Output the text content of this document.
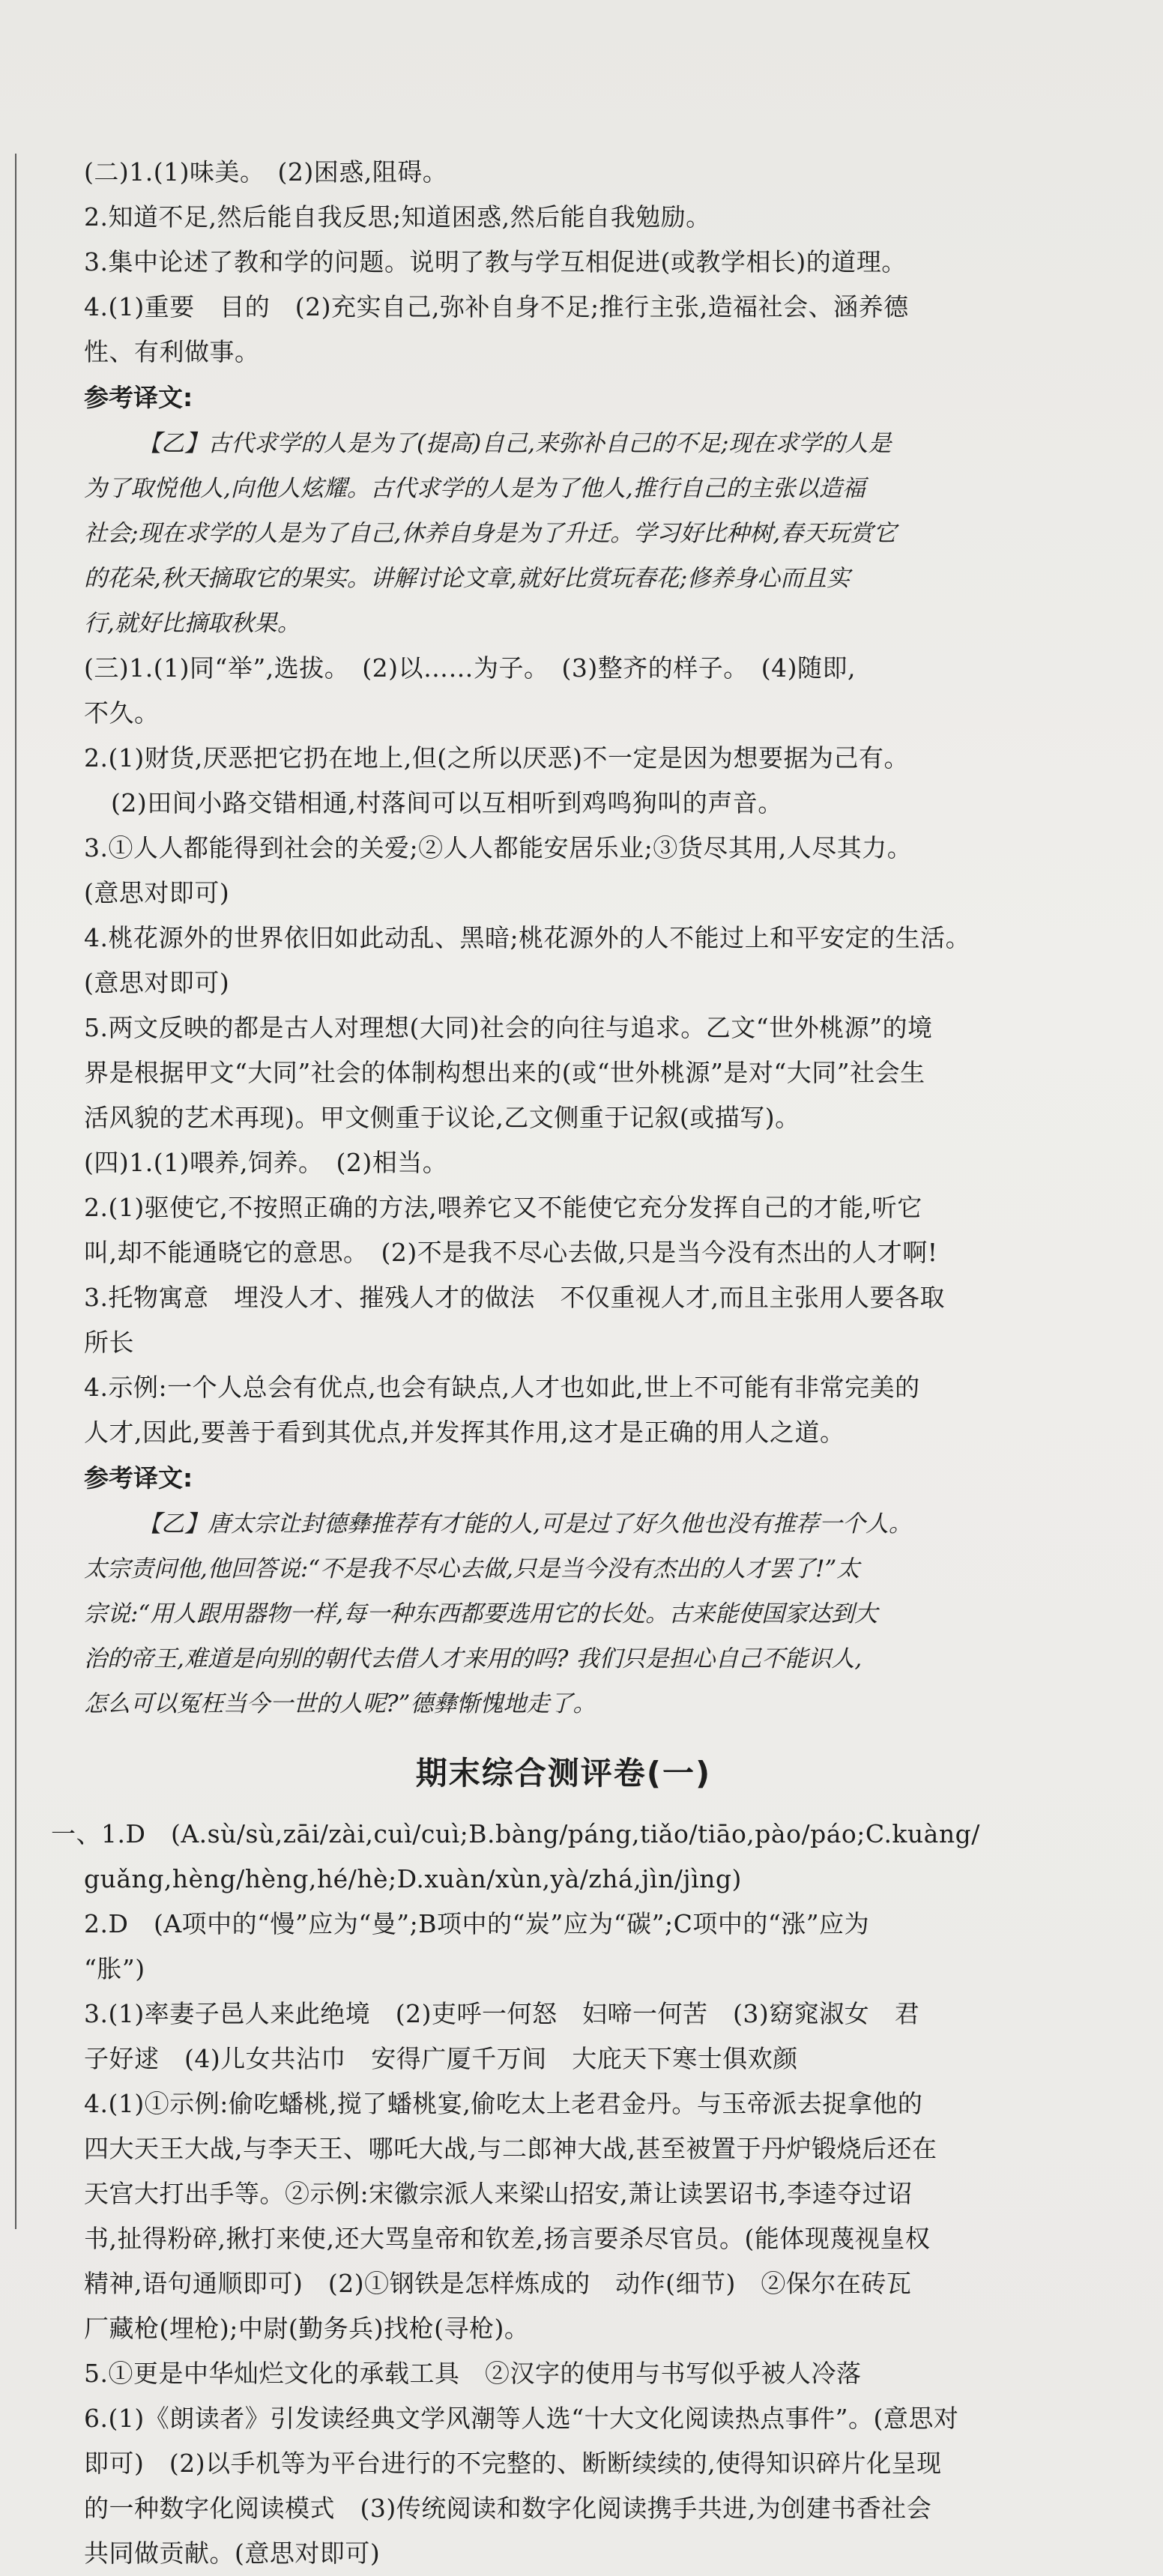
(二)1.(1)味美。　(2)困惑,阻碍。
2.知道不足,然后能自我反思;知道困惑,然后能自我勉励。
3.集中论述了教和学的问题。说明了教与学互相促进(或教学相长)的道理。
4.(1)重要　目的　(2)充实自己,弥补自身不足;推行主张,造福社会、涵养德
性、有利做事。
参考译文:
【乙】古代求学的人是为了(提高)自己,来弥补自己的不足;现在求学的人是
为了取悦他人,向他人炫耀。古代求学的人是为了他人,推行自己的主张以造福
社会;现在求学的人是为了自己,休养自身是为了升迁。学习好比种树,春天玩赏它
的花朵,秋天摘取它的果实。讲解讨论文章,就好比赏玩春花;修养身心而且实
行,就好比摘取秋果。
(三)1.(1)同“举”,选拔。　(2)以……为子。　(3)整齐的样子。　(4)随即,
不久。
2.(1)财货,厌恶把它扔在地上,但(之所以厌恶)不一定是因为想要据为己有。
(2)田间小路交错相通,村落间可以互相听到鸡鸣狗叫的声音。
3.①人人都能得到社会的关爱;②人人都能安居乐业;③货尽其用,人尽其力。
(意思对即可)
4.桃花源外的世界依旧如此动乱、黑暗;桃花源外的人不能过上和平安定的生活。
(意思对即可)
5.两文反映的都是古人对理想(大同)社会的向往与追求。乙文“世外桃源”的境
界是根据甲文“大同”社会的体制构想出来的(或“世外桃源”是对“大同”社会生
活风貌的艺术再现)。甲文侧重于议论,乙文侧重于记叙(或描写)。
(四)1.(1)喂养,饲养。　(2)相当。
2.(1)驱使它,不按照正确的方法,喂养它又不能使它充分发挥自己的才能,听它
叫,却不能通晓它的意思。　(2)不是我不尽心去做,只是当今没有杰出的人才啊!
3.托物寓意　埋没人才、摧残人才的做法　不仅重视人才,而且主张用人要各取
所长
4.示例:一个人总会有优点,也会有缺点,人才也如此,世上不可能有非常完美的
人才,因此,要善于看到其优点,并发挥其作用,这才是正确的用人之道。
参考译文:
【乙】唐太宗让封德彝推荐有才能的人,可是过了好久他也没有推荐一个人。
太宗责问他,他回答说:“不是我不尽心去做,只是当今没有杰出的人才罢了!”太
宗说:“用人跟用器物一样,每一种东西都要选用它的长处。古来能使国家达到大
治的帝王,难道是向别的朝代去借人才来用的吗? 我们只是担心自己不能识人,
怎么可以冤枉当今一世的人呢?”德彝惭愧地走了。
期末综合测评卷(一)
一、1.D　(A.sù/sù,zāi/zài,cuì/cuì;B.bàng/páng,tiǎo/tiāo,pào/páo;C.kuàng/
guǎng,hèng/hèng,hé/hè;D.xuàn/xùn,yà/zhá,jìn/jìng)
2.D　(A项中的“慢”应为“曼”;B项中的“炭”应为“碳”;C项中的“涨”应为
“胀”)
3.(1)率妻子邑人来此绝境　(2)吏呼一何怒　妇啼一何苦　(3)窈窕淑女　君
子好逑　(4)儿女共沾巾　安得广厦千万间　大庇天下寒士俱欢颜
4.(1)①示例:偷吃蟠桃,搅了蟠桃宴,偷吃太上老君金丹。与玉帝派去捉拿他的
四大天王大战,与李天王、哪吒大战,与二郎神大战,甚至被置于丹炉锻烧后还在
天宫大打出手等。②示例:宋徽宗派人来梁山招安,萧让读罢诏书,李逵夺过诏
书,扯得粉碎,揪打来使,还大骂皇帝和钦差,扬言要杀尽官员。(能体现蔑视皇权
精神,语句通顺即可)　(2)①钢铁是怎样炼成的　动作(细节)　②保尔在砖瓦
厂藏枪(埋枪);中尉(勤务兵)找枪(寻枪)。
5.①更是中华灿烂文化的承载工具　②汉字的使用与书写似乎被人冷落
6.(1)《朗读者》引发读经典文学风潮等人选“十大文化阅读热点事件”。(意思对
即可)　(2)以手机等为平台进行的不完整的、断断续续的,使得知识碎片化呈现
的一种数字化阅读模式　(3)传统阅读和数字化阅读携手共进,为创建书香社会
共同做贡献。(意思对即可)
